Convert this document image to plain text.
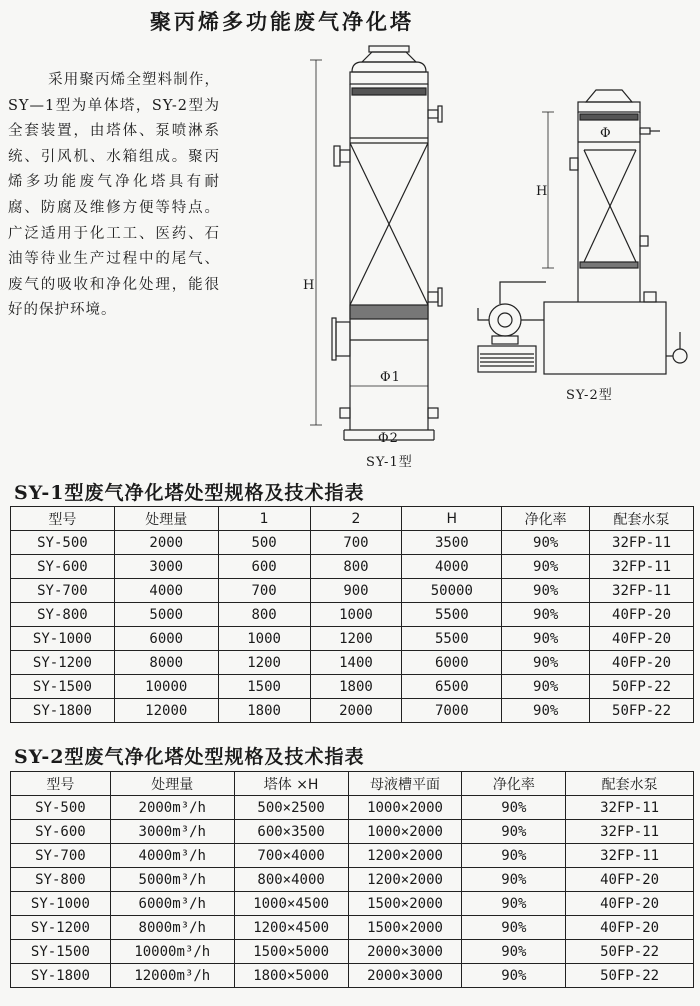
聚丙烯多功能废气净化塔
采用聚丙烯全塑料制作，SY—1型为单体塔，SY-2型为全套装置，由塔体、泵喷淋系统、引风机、水箱组成。聚丙烯多功能废气净化塔具有耐腐、防腐及维修方便等特点。广泛适用于化工工、医药、石油等待业生产过程中的尾气、废气的吸收和净化处理，能很好的保护环境。
H
Φ1
Φ2
SY-1型
H
Φ
SY-2型
SY-1型废气净化塔处型规格及技术指表
型号	处理量	1	2	H	净化率	配套水泵
SY-500	2000	500	700	3500	90%	32FP-11
SY-600	3000	600	800	4000	90%	32FP-11
SY-700	4000	700	900	50000	90%	32FP-11
SY-800	5000	800	1000	5500	90%	40FP-20
SY-1000	6000	1000	1200	5500	90%	40FP-20
SY-1200	8000	1200	1400	6000	90%	40FP-20
SY-1500	10000	1500	1800	6500	90%	50FP-22
SY-1800	12000	1800	2000	7000	90%	50FP-22
SY-2型废气净化塔处型规格及技术指表
型号	处理量	塔体 ×H	母液槽平面	净化率	配套水泵
SY-500	2000m³/h	500×2500	1000×2000	90%	32FP-11
SY-600	3000m³/h	600×3500	1000×2000	90%	32FP-11
SY-700	4000m³/h	700×4000	1200×2000	90%	32FP-11
SY-800	5000m³/h	800×4000	1200×2000	90%	40FP-20
SY-1000	6000m³/h	1000×4500	1500×2000	90%	40FP-20
SY-1200	8000m³/h	1200×4500	1500×2000	90%	40FP-20
SY-1500	10000m³/h	1500×5000	2000×3000	90%	50FP-22
SY-1800	12000m³/h	1800×5000	2000×3000	90%	50FP-22
